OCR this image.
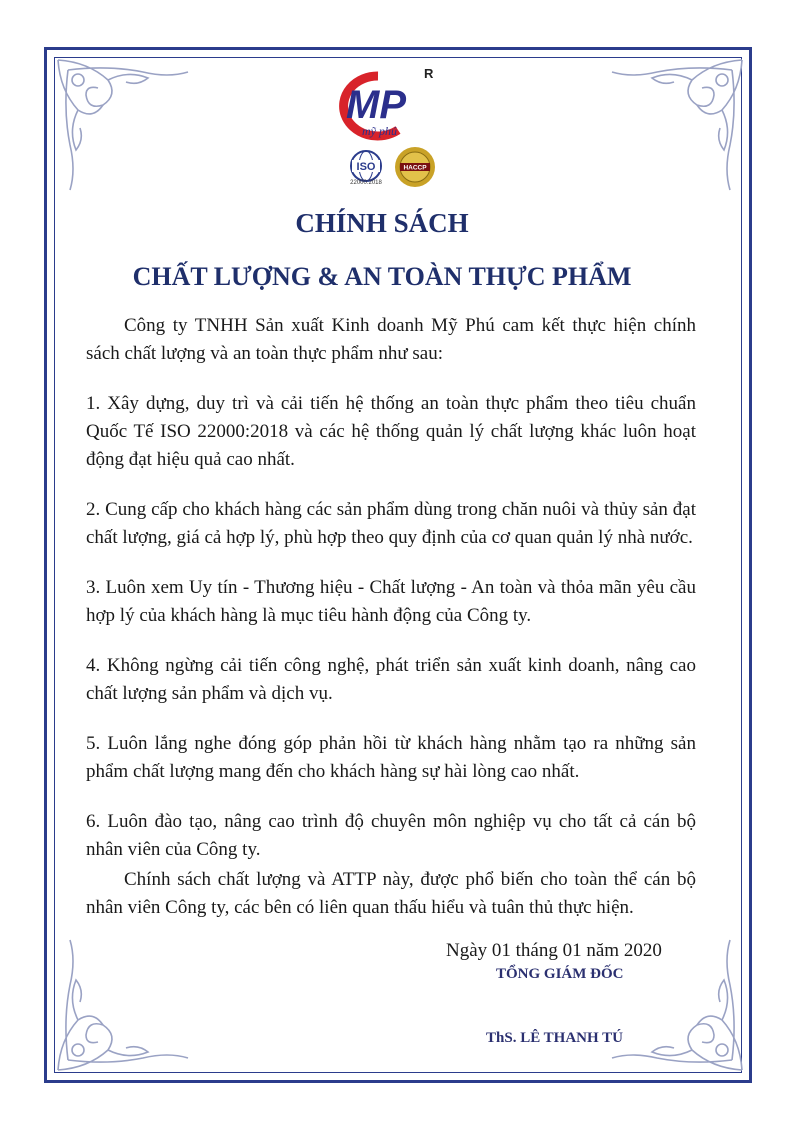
MP
R
mỹ phú
ISO
22000:2018
HACCP
CHÍNH SÁCH
CHẤT LƯỢNG & AN TOÀN THỰC PHẨM

Công ty TNHH Sản xuất Kinh doanh Mỹ Phú cam kết thực hiện chính sách chất lượng và an toàn thực phẩm như sau:

1. Xây dựng, duy trì và cải tiến hệ thống an toàn thực phẩm theo tiêu chuẩn Quốc Tế ISO 22000:2018 và các hệ thống quản lý chất lượng khác luôn hoạt động đạt hiệu quả cao nhất.

2. Cung cấp cho khách hàng các sản phẩm dùng trong chăn nuôi và thủy sản đạt chất lượng, giá cả hợp lý, phù hợp theo quy định của cơ quan quản lý nhà nước.

3. Luôn xem Uy tín - Thương hiệu - Chất lượng - An toàn và thỏa mãn yêu cầu hợp lý của khách hàng là mục tiêu hành động của Công ty.

4. Không ngừng cải tiến công nghệ, phát triển sản xuất kinh doanh, nâng cao chất lượng sản phẩm và dịch vụ.

5. Luôn lắng nghe đóng góp phản hồi từ khách hàng nhằm tạo ra những sản phẩm chất lượng mang đến cho khách hàng sự hài lòng cao nhất.

6. Luôn đào tạo, nâng cao trình độ chuyên môn nghiệp vụ cho tất cả cán bộ nhân viên của Công ty.

Chính sách chất lượng và ATTP này, được phổ biến cho toàn thể cán bộ nhân viên Công ty, các bên có liên quan thấu hiểu và tuân thủ thực hiện.

Ngày 01 tháng 01 năm 2020
TỔNG GIÁM ĐỐC
ThS. LÊ THANH TÚ
